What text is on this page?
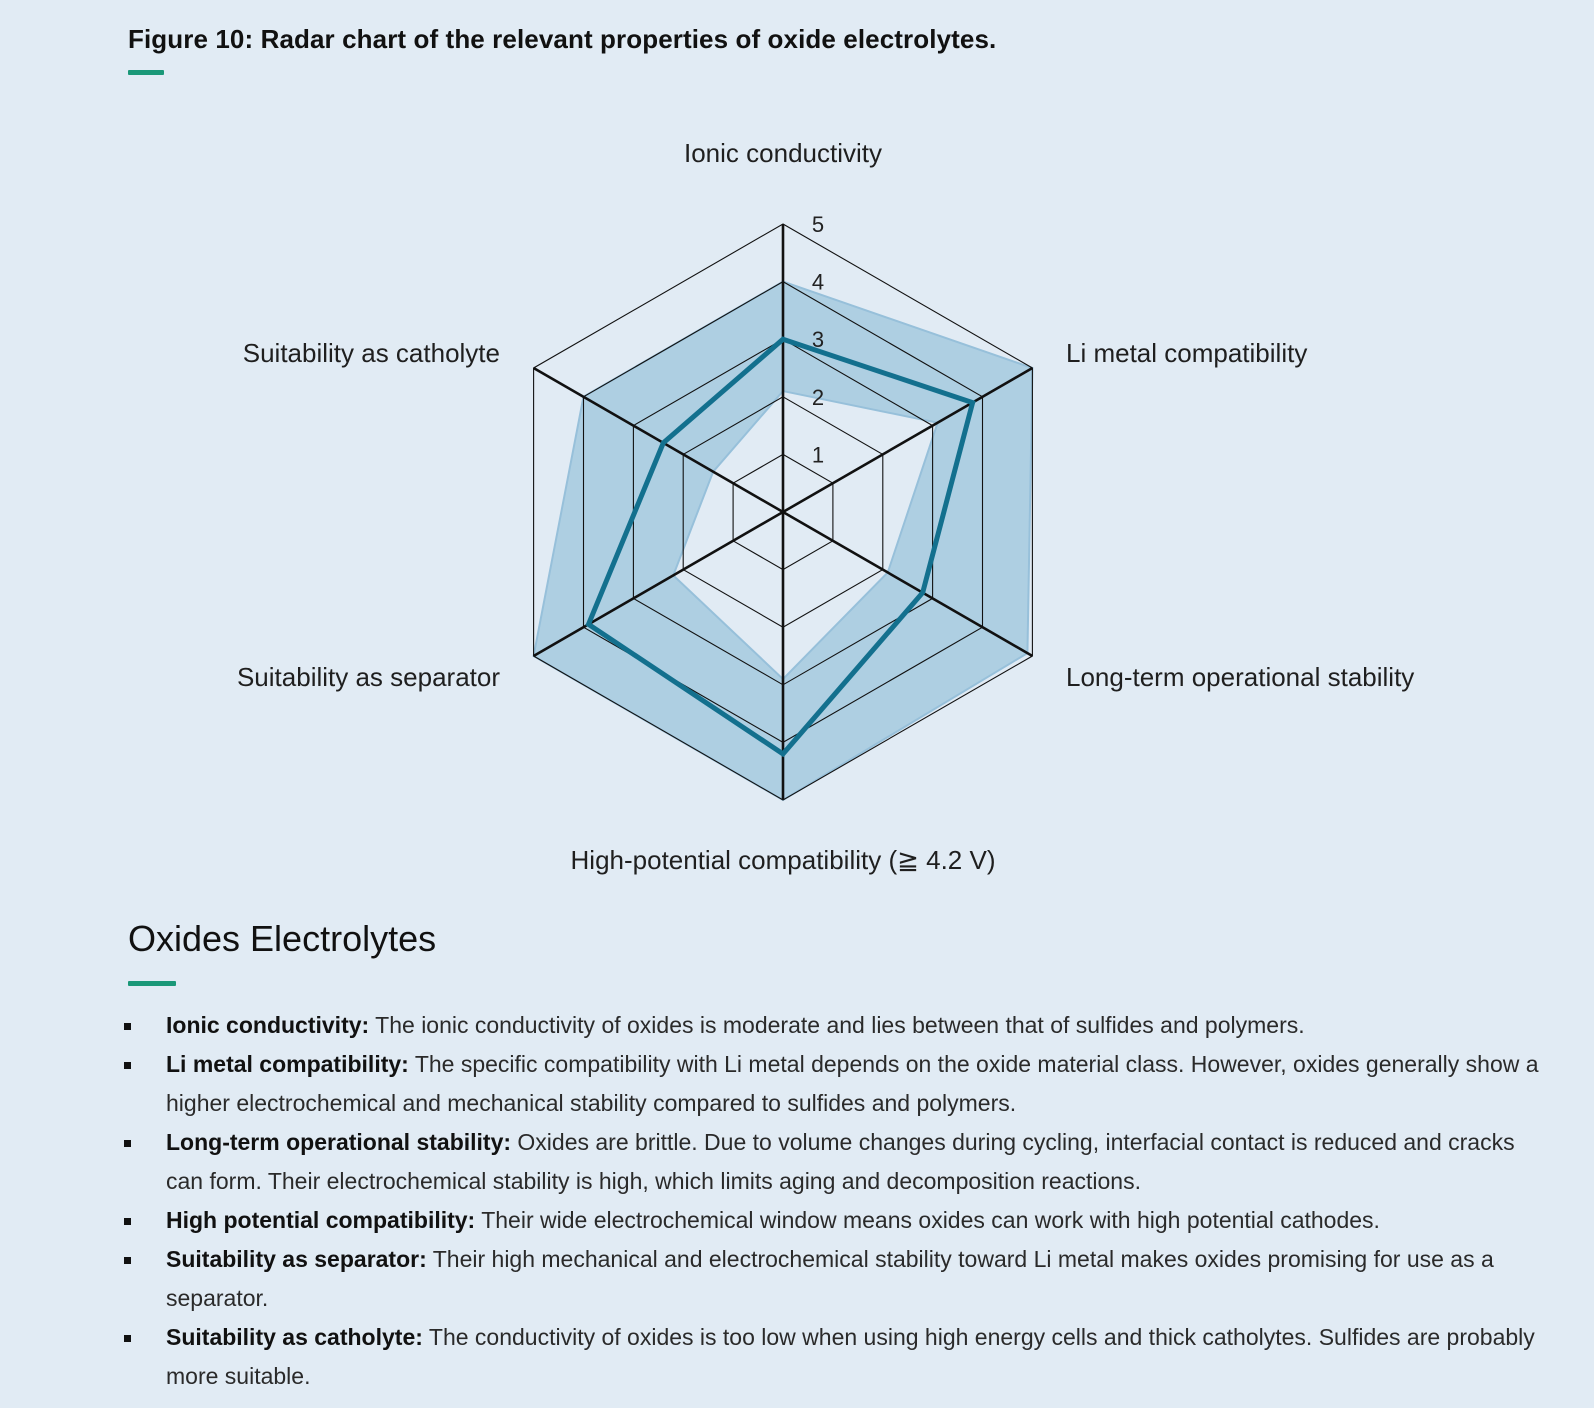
Figure 10: Radar chart of the relevant properties of oxide electrolytes.
1
2
3
4
5
Ionic conductivity
Li metal compatibility
Long-term operational stability
High-potential compatibility (≧ 4.2 V)
Suitability as separator
Suitability as catholyte
Oxides Electrolytes
Ionic conductivity: The ionic conductivity of oxides is moderate and lies between that of sulfides and polymers.
Li metal compatibility: The specific compatibility with Li metal depends on the oxide material class. However, oxides generally show a higher electrochemical and mechanical stability compared to sulfides and polymers.
Long-term operational stability: Oxides are brittle. Due to volume changes during cycling, interfacial contact is reduced and cracks can form. Their electrochemical stability is high, which limits aging and decomposition reactions.
High potential compatibility: Their wide electrochemical window means oxides can work with high potential cathodes.
Suitability as separator: Their high mechanical and electrochemical stability toward Li metal makes oxides promising for use as a separator.
Suitability as catholyte: The conductivity of oxides is too low when using high energy cells and thick catholytes. Sulfides are probably more suitable.
